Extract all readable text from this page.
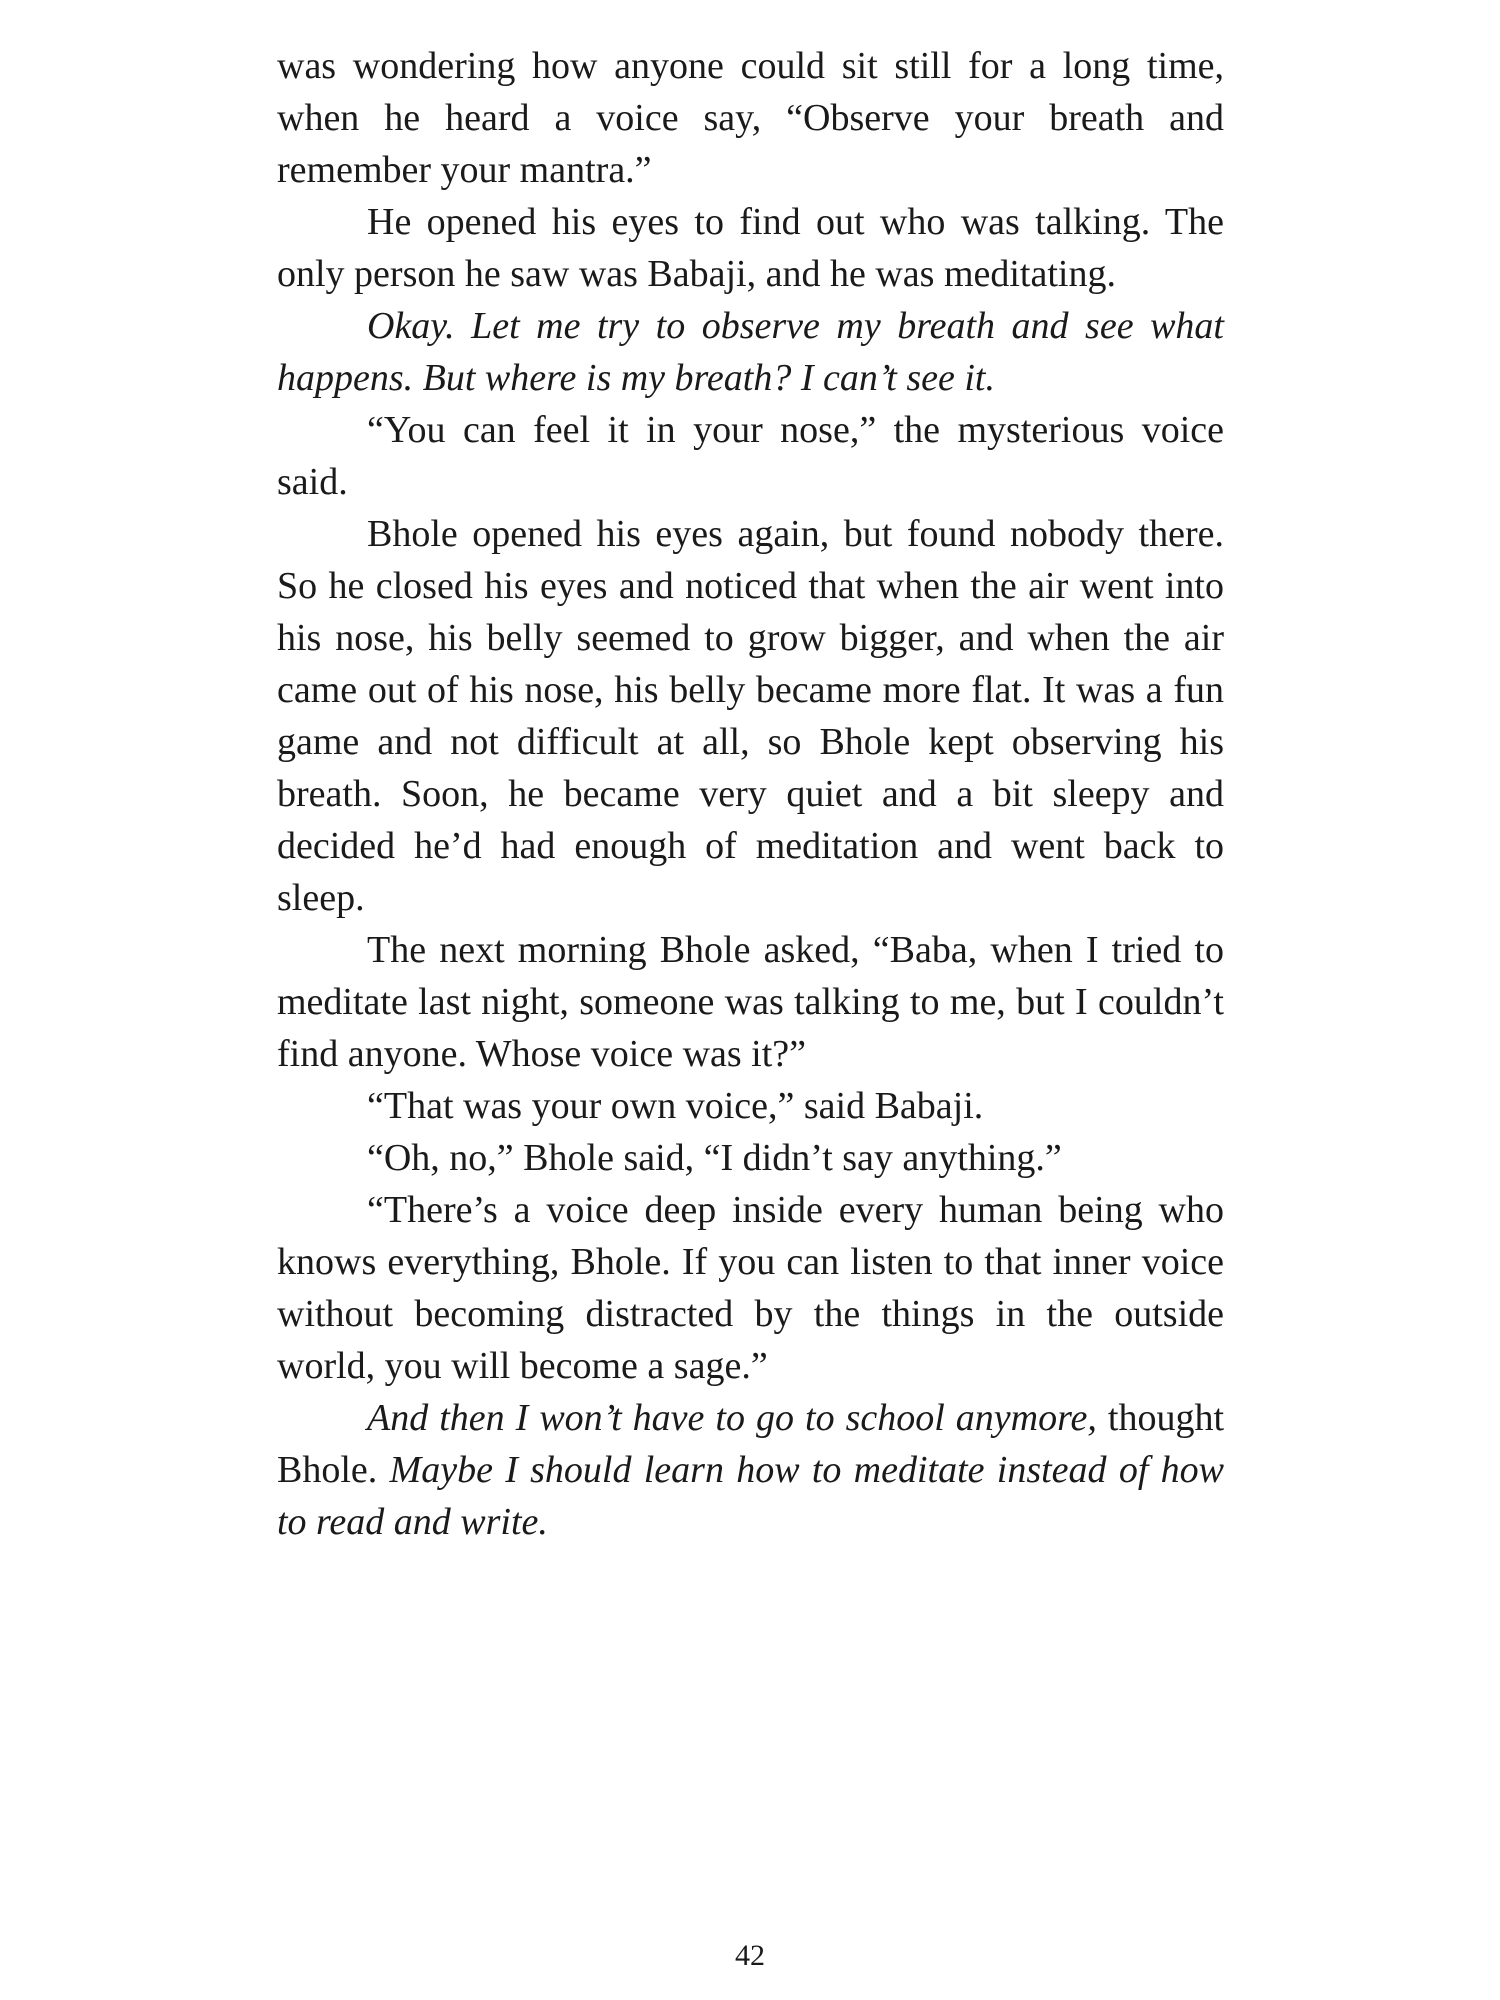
was wondering how anyone could sit still for a long time, when he heard a voice say, “Observe your breath and remember your mantra.”

He opened his eyes to find out who was talking. The only person he saw was Babaji, and he was meditating.

Okay. Let me try to observe my breath and see what happens. But where is my breath? I can’t see it.

“You can feel it in your nose,” the mysterious voice said.

Bhole opened his eyes again, but found nobody there. So he closed his eyes and noticed that when the air went into his nose, his belly seemed to grow bigger, and when the air came out of his nose, his belly became more flat. It was a fun game and not difficult at all, so Bhole kept observing his breath. Soon, he became very quiet and a bit sleepy and decided he’d had enough of meditation and went back to sleep.

The next morning Bhole asked, “Baba, when I tried to meditate last night, someone was talking to me, but I couldn’t find anyone. Whose voice was it?”

“That was your own voice,” said Babaji.

“Oh, no,” Bhole said, “I didn’t say anything.”

“There’s a voice deep inside every human being who knows everything, Bhole. If you can listen to that inner voice without becoming distracted by the things in the outside world, you will become a sage.”

And then I won’t have to go to school anymore, thought Bhole. Maybe I should learn how to meditate instead of how to read and write.

42
